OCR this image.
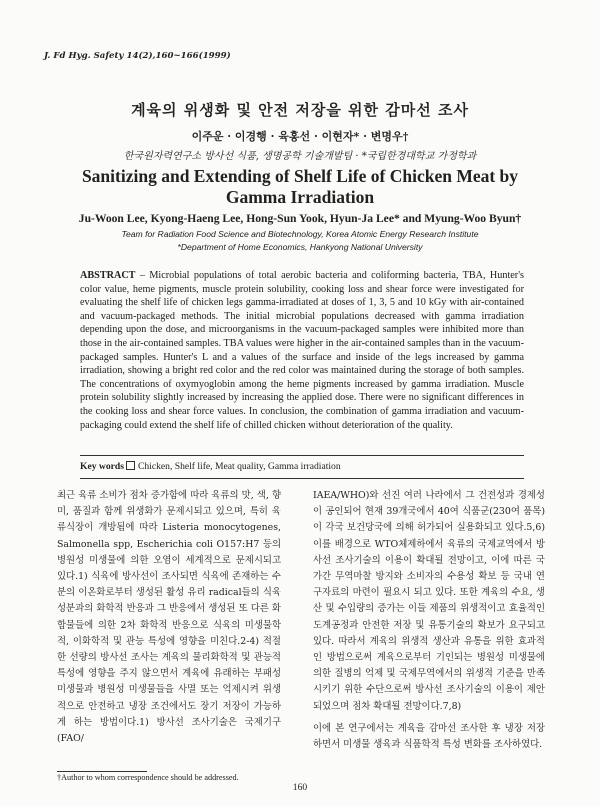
J. Fd Hyg. Safety 14(2),160~166(1999)
계육의 위생화 및 안전 저장을 위한 감마선 조사
이주운 · 이경행 · 육홍선 · 이현자* · 변명우†
한국원자력연구소 방사선 식품, 생명공학 기술개발팀 · *국립한경대학교 가정학과
Sanitizing and Extending of Shelf Life of Chicken Meat by Gamma Irradiation
Ju-Woon Lee, Kyong-Haeng Lee, Hong-Sun Yook, Hyun-Ja Lee* and Myung-Woo Byun†
Team for Radiation Food Science and Biotechnology, Korea Atomic Energy Research Institute
*Department of Home Economics, Hankyong National University
ABSTRACT – Microbial populations of total aerobic bacteria and coliforming bacteria, TBA, Hunter's color value, heme pigments, muscle protein solubility, cooking loss and shear force were investigated for evaluating the shelf life of chicken legs gamma-irradiated at doses of 1, 3, 5 and 10 kGy with air-contained and vacuum-packaged methods. The initial microbial populations decreased with gamma irradiation depending upon the dose, and microorganisms in the vacuum-packaged samples were inhibited more than those in the air-contained samples. TBA values were higher in the air-contained samples than in the vacuum-packaged samples. Hunter's L and a values of the surface and inside of the legs increased by gamma irradiation, showing a bright red color and the red color was maintained during the storage of both samples. The concentrations of oxymyoglobin among the heme pigments increased by gamma irradiation. Muscle protein solubility slightly increased by increasing the applied dose. There were no significant differences in the cooking loss and shear force values. In conclusion, the combination of gamma irradiation and vacuum-packaging could extend the shelf life of chilled chicken without deterioration of the quality.
Key words Chicken, Shelf life, Meat quality, Gamma irradiation

최근 육류 소비가 점차 증가함에 따라 육류의 맛, 색, 향미, 품질과 함께 위생화가 문제시되고 있으며, 특히 육류식장이 개방됨에 따라 Listeria monocytogenes, Salmonella spp, Escherichia coli O157:H7 등의 병원성 미생물에 의한 오염이 세계적으로 문제시되고 있다.1) 식육에 방사선이 조사되면 식육에 존재하는 수분의 이온화로부터 생성된 활성 유리 radical들의 식육성분과의 화학적 반응과 그 반응에서 생성된 또 다른 화합물들에 의한 2차 화학적 반응으로 식육의 미생물학적, 이화학적 및 관능 특성에 영향을 미친다.2-4) 적절한 선량의 방사선 조사는 계육의 물리화학적 및 관능적 특성에 영향을 주지 않으면서 계육에 유래하는 부패성 미생물과 병원성 미생물들을 사멸 또는 억제시켜 위생적으로 안전하고 냉장 조건에서도 장기 저장이 가능하게 하는 방법이다.1) 방사선 조사기술은 국제기구(FAO/

IAEA/WHO)와 선진 여러 나라에서 그 건전성과 경제성이 공인되어 현재 39개국에서 40여 식품군(230여 품목)이 각국 보건당국에 의해 허가되어 실용화되고 있다.5,6) 이를 배경으로 WTO체제하에서 육류의 국제교역에서 방사선 조사기술의 이용이 확대될 전망이고, 이에 따른 국가간 무역마찰 방지와 소비자의 수용성 확보 등 국내 연구자료의 마련이 필요시 되고 있다. 또한 계육의 수요, 생산 및 수입량의 증가는 이들 제품의 위생적이고 효율적인 도계공정과 안전한 저장 및 유통기술의 확보가 요구되고 있다. 따라서 계육의 위생적 생산과 유통을 위한 효과적인 방법으로써 계육으로부터 기인되는 병원성 미생물에 의한 질병의 억제 및 국제무역에서의 위생적 기준을 만족시키기 위한 수단으로써 방사선 조사기술의 이용이 제안되었으며 점차 확대될 전망이다.7,8)

이에 본 연구에서는 계육을 감마선 조사한 후 냉장 저장하면서 미생물 생육과 식품학적 특성 변화를 조사하였다.

†Author to whom correspondence should be addressed.
160
